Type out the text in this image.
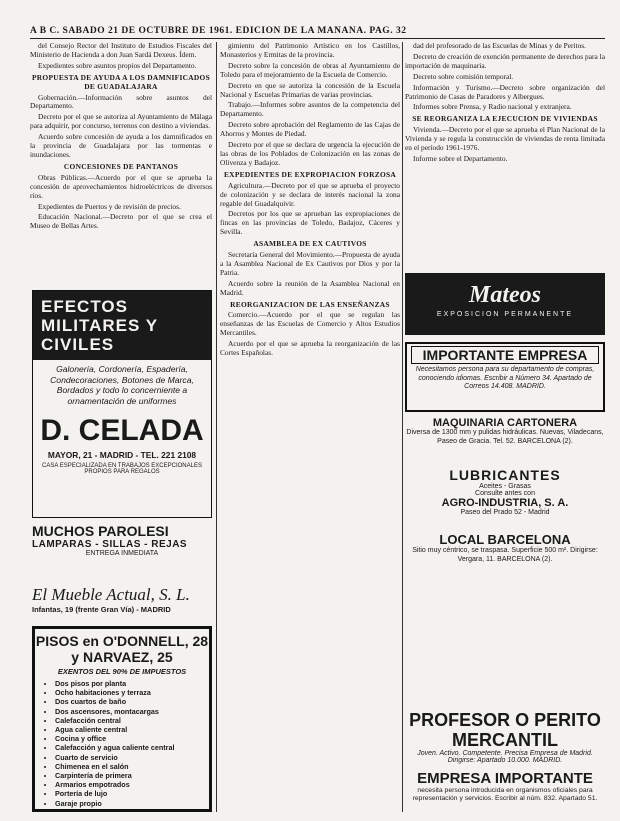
A B C. SABADO 21 DE OCTUBRE DE 1961. EDICION DE LA MAÑANA. PAG. 32

del Consejo Rector del Instituto de Estudios Fiscales del Ministerio de Hacienda a don Juan Sardá Dexeus. Ídem.

Expedientes sobre asuntos propios del Departamento.

PROPUESTA DE AYUDA A LOS DAMNIFICADOS DE GUADALAJARA

Gobernación.—Información sobre asuntos del Departamento.

Decreto por el que se autoriza al Ayuntamiento de Málaga para adquirir, por concurso, terrenos con destino a viviendas.

Acuerdo sobre concesión de ayuda a los damnificados en la provincia de Guadalajara por las tormentas e inundaciones.

CONCESIONES DE PANTANOS

Obras Públicas.—Acuerdo por el que se aprueba la concesión de aprovechamientos hidroeléctricos de diversos ríos.

Expedientes de Puertos y de revisión de precios.

Educación Nacional.—Decreto por el que se crea el Museo de Bellas Artes.

EFECTOS MILITARES Y CIVILES
Galonería, Cordonería, Espadería, Condecoraciones, Botones de Marca, Bordados y todo lo concerniente a ornamentación de uniformes
D. CELADA
MAYOR, 21 - MADRID - TEL. 221 2108
CASA ESPECIALIZADA EN TRABAJOS EXCEPCIONALES PROPIOS PARA REGALOS
MUCHOS PAROLESI
LAMPARAS - SILLAS - REJAS
ENTREGA INMEDIATA
El Mueble Actual, S. L.
Infantas, 19 (frente Gran Vía) - MADRID
PISOS en O'DONNELL, 28 y NARVAEZ, 25
EXENTOS DEL 90% DE IMPUESTOS
• Dos pisos por planta
• Ocho habitaciones y terraza
• Dos cuartos de baño
• Dos ascensores, montacargas
• Calefacción central
• Agua caliente central
• Cocina y office
• Calefacción y agua caliente central
• Cuarto de servicio
• Chimenea en el salón
• Carpintería de primera
• Armarios empotrados
• Portería de lujo
• Garaje propio

gimiento del Patrimonio Artístico en los Castillos, Monasterios y Ermitas de la provincia.

Decreto sobre la concesión de obras al Ayuntamiento de Toledo para el mejoramiento de la Escuela de Comercio.

Decreto en que se autoriza la concesión de la Escuela Nacional y Escuelas Primarias de varias provincias.

Trabajo.—Informes sobre asuntos de la competencia del Departamento.

Decreto sobre aprobación del Reglamento de las Cajas de Ahorros y Montes de Piedad.

Decreto por el que se declara de urgencia la ejecución de las obras de los Poblados de Colonización en las zonas de Olivenza y Badajoz.

EXPEDIENTES DE EXPROPIACION FORZOSA

Agricultura.—Decreto por el que se aprueba el proyecto de colonización y se declara de interés nacional la zona regable del Guadalquivir.

Decretos por los que se aprueban las expropiaciones de fincas en las provincias de Toledo, Badajoz, Cáceres y Sevilla.

ASAMBLEA DE EX CAUTIVOS

Secretaría General del Movimiento.—Propuesta de ayuda a la Asamblea Nacional de Ex Cautivos por Dios y por la Patria.

Acuerdo sobre la reunión de la Asamblea Nacional en Madrid.

REORGANIZACION DE LAS ENSEÑANZAS

Comercio.—Acuerdo por el que se regulan las enseñanzas de las Escuelas de Comercio y Altos Estudios Mercantiles.

Acuerdo por el que se aprueba la reorganización de las Cortes Españolas.

dad del profesorado de las Escuelas de Minas y de Peritos.

Decreto de creación de exención permanente de derechos para la importación de maquinaria.

Decreto sobre comisión temporal.

Información y Turismo.—Decreto sobre organización del Patrimonio de Casas de Paradores y Albergues.

Informes sobre Prensa, y Radio nacional y extranjera.

SE REORGANIZA LA EJECUCION DE VIVIENDAS

Vivienda.—Decreto por el que se aprueba el Plan Nacional de la Vivienda y se regula la construcción de viviendas de renta limitada en el período 1961-1976.

Informe sobre el Departamento.

Mateos
EXPOSICION PERMANENTE
IMPORTANTE EMPRESA
Necesitamos persona para su departamento de compras, conociendo idiomas. Escribir a Número 34. Apartado de Correos 14.408. MADRID.
MAQUINARIA CARTONERA
Diversa de 1300 mm y pulidas hidráulicas. Nuevas, Viladecans, Paseo de Gracia. Tel. 52. BARCELONA (2).
LUBRICANTES
Aceites - Grasas
Consulte antes con
AGRO-INDUSTRIA, S. A.
Paseo del Prado 52 - Madrid
LOCAL BARCELONA
Sitio muy céntrico, se traspasa. Superficie 500 m². Dirigirse: Vergara, 11. BARCELONA (2).
PROFESOR O PERITO MERCANTIL
Joven. Activo. Competente. Precisa Empresa de Madrid. Dirigirse: Apartado 10.000. MADRID.
EMPRESA IMPORTANTE
necesita persona introducida en organismos oficiales para representación y servicios. Escribir al núm. 832. Apartado 51.
